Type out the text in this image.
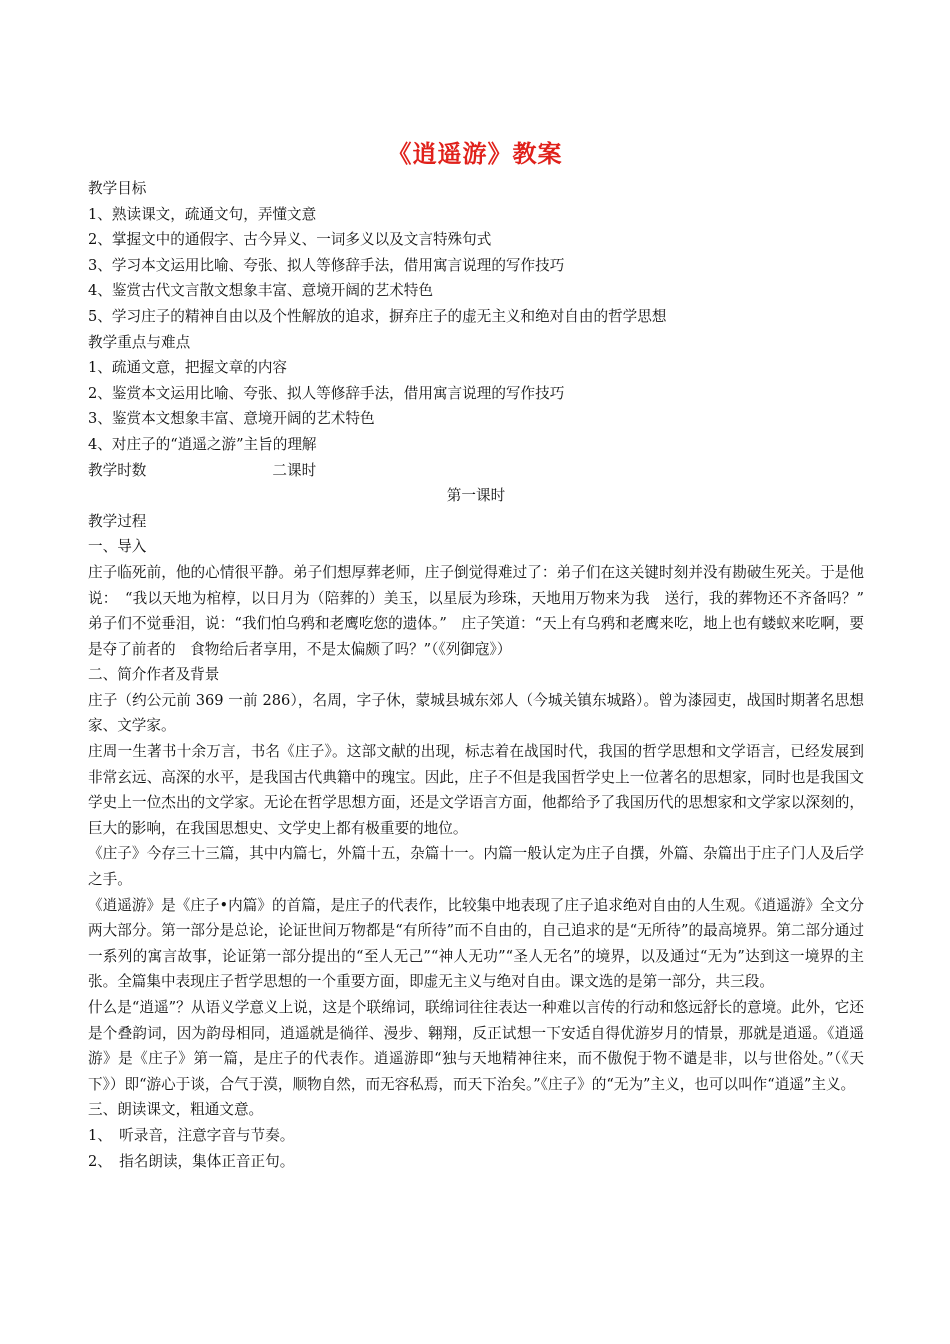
《逍遥游》教案

教学目标

1、熟读课文，疏通文句，弄懂文意

2、掌握文中的通假字、古今异义、一词多义以及文言特殊句式

3、学习本文运用比喻、夸张、拟人等修辞手法，借用寓言说理的写作技巧

4、鉴赏古代文言散文想象丰富、意境开阔的艺术特色

5、学习庄子的精神自由以及个性解放的追求，摒弃庄子的虚无主义和绝对自由的哲学思想

教学重点与难点

1、疏通文意，把握文章的内容

2、鉴赏本文运用比喻、夸张、拟人等修辞手法，借用寓言说理的写作技巧

3、鉴赏本文想象丰富、意境开阔的艺术特色

4、对庄子的“逍遥之游”主旨的理解

教学时数	二课时

第一课时

教学过程

一、导入

庄子临死前，他的心情很平静。弟子们想厚葬老师，庄子倒觉得难过了：弟子们在这关键时刻并没有勘破生死关。于是他说：　“我以天地为棺椁，以日月为（陪葬的）美玉，以星辰为珍珠，天地用万物来为我　送行，我的葬物还不齐备吗？”　弟子们不觉垂泪，说：“我们怕乌鸦和老鹰吃您的遗体。”　庄子笑道：“天上有乌鸦和老鹰来吃，地上也有蝼蚁来吃啊，要是夺了前者的　食物给后者享用，不是太偏颇了吗？”（《列御寇》）

二、简介作者及背景

庄子（约公元前 369 一前 286），名周，字子休，蒙城县城东郊人（今城关镇东城路）。曾为漆园吏，战国时期著名思想家、文学家。

庄周一生著书十余万言，书名《庄子》。这部文献的出现，标志着在战国时代，我国的哲学思想和文学语言，已经发展到非常玄远、高深的水平，是我国古代典籍中的瑰宝。因此，庄子不但是我国哲学史上一位著名的思想家，同时也是我国文学史上一位杰出的文学家。无论在哲学思想方面，还是文学语言方面，他都给予了我国历代的思想家和文学家以深刻的，巨大的影响，在我国思想史、文学史上都有极重要的地位。

《庄子》今存三十三篇，其中内篇七，外篇十五，杂篇十一。内篇一般认定为庄子自撰，外篇、杂篇出于庄子门人及后学之手。

《逍遥游》是《庄子•内篇》的首篇，是庄子的代表作，比较集中地表现了庄子追求绝对自由的人生观。《逍遥游》全文分两大部分。第一部分是总论，论证世间万物都是“有所待”而不自由的，自己追求的是“无所待”的最高境界。第二部分通过一系列的寓言故事，论证第一部分提出的“至人无己”“神人无功”“圣人无名”的境界，以及通过“无为”达到这一境界的主张。全篇集中表现庄子哲学思想的一个重要方面，即虚无主义与绝对自由。课文选的是第一部分，共三段。

什么是“逍遥”？从语义学意义上说，这是个联绵词，联绵词往往表达一种难以言传的行动和悠远舒长的意境。此外，它还是个叠韵词，因为韵母相同，逍遥就是徜徉、漫步、翱翔，反正试想一下安适自得优游岁月的情景，那就是逍遥。《逍遥游》是《庄子》第一篇，是庄子的代表作。逍遥游即“独与天地精神往来，而不傲倪于物不谴是非，以与世俗处。”（《天下》）即“游心于谈，合气于漠，顺物自然，而无容私焉，而天下治矣。”《庄子》的“无为”主义，也可以叫作“逍遥”主义。

三、朗读课文，粗通文意。

1、　听录音，注意字音与节奏。

2、　指名朗读，集体正音正句。
